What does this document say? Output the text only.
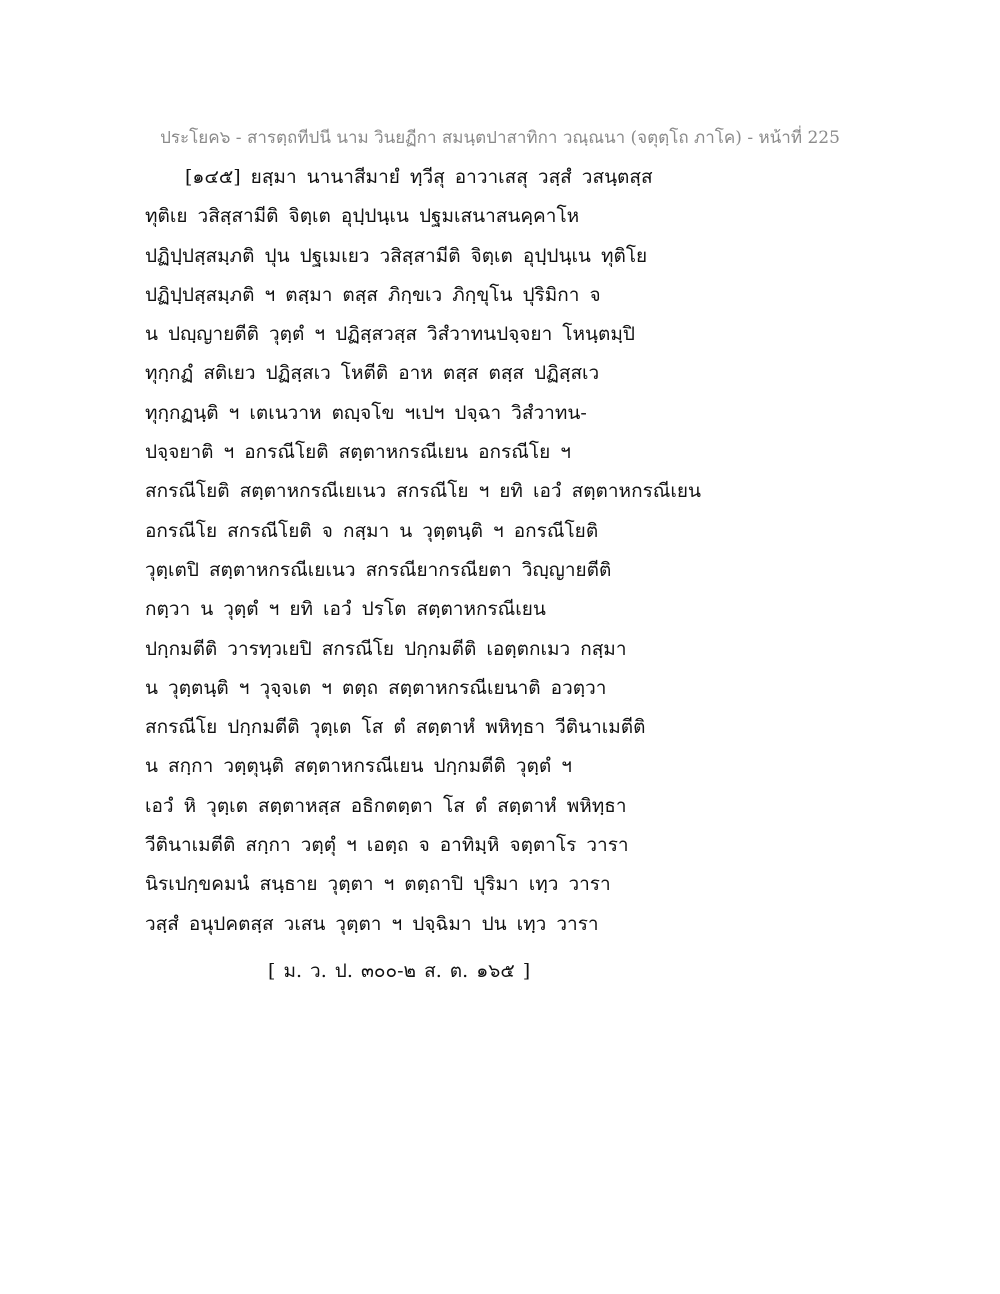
ประโยค๖ - สารตฺถทีปนี นาม วินยฏีกา สมนฺตปาสาทิกา วณฺณนา (จตุตฺโถ ภาโค) - หน้าที่ 225
[๑๔๕] ยสฺมา นานาสีมายํ ทฺวีสุ อาวาเสสุ วสฺสํ วสนฺตสฺส
ทุติเย วสิสฺสามีติ จิตฺเต อุปฺปนฺเน ปฐมเสนาสนคฺคาโห
ปฏิปฺปสฺสมฺภติ ปุน ปฐเมเยว วสิสฺสามีติ จิตฺเต อุปฺปนฺเน ทุติโย
ปฏิปฺปสฺสมฺภติ ฯ ตสฺมา ตสฺส ภิกฺขเว ภิกฺขุโน ปุริมิกา จ
น ปญฺญายตีติ วุตฺตํ ฯ ปฏิสฺสวสฺส วิสํวาทนปจฺจยา โหนฺตมฺปิ
ทุกฺกฏํ สติเยว ปฏิสฺสเว โหตีติ อาห ตสฺส ตสฺส ปฏิสฺสเว
ทุกฺกฏนฺติ ฯ เตเนวาห ตญฺจโข ฯเปฯ ปจฺฉา วิสํวาทน-
ปจฺจยาติ ฯ อกรณีโยติ สตฺตาหกรณีเยน อกรณีโย ฯ
สกรณีโยติ สตฺตาหกรณีเยเนว สกรณีโย ฯ ยทิ เอวํ สตฺตาหกรณีเยน
อกรณีโย สกรณีโยติ จ กสฺมา น วุตฺตนฺติ ฯ อกรณีโยติ
วุตฺเตปิ สตฺตาหกรณีเยเนว สกรณียากรณียตา วิญฺญายตีติ
กตฺวา น วุตฺตํ ฯ ยทิ เอวํ ปรโต สตฺตาหกรณีเยน
ปกฺกมตีติ วารทฺวเยปิ สกรณีโย ปกฺกมตีติ เอตฺตกเมว กสฺมา
น วุตฺตนฺติ ฯ วุจฺจเต ฯ ตตฺถ สตฺตาหกรณีเยนาติ อวตฺวา
สกรณีโย ปกฺกมตีติ วุตฺเต โส ตํ สตฺตาหํ พหิทฺธา วีตินาเมตีติ
น สกฺกา วตฺตุนฺติ สตฺตาหกรณีเยน ปกฺกมตีติ วุตฺตํ ฯ
เอวํ หิ วุตฺเต สตฺตาหสฺส อธิกตตฺตา โส ตํ สตฺตาหํ พหิทฺธา
วีตินาเมตีติ สกฺกา วตฺตุํ ฯ เอตฺถ จ อาทิมฺหิ จตฺตาโร วารา
นิรเปกฺขคมนํ สนฺธาย วุตฺตา ฯ ตตฺถาปิ ปุริมา เทฺว วารา
วสฺสํ อนุปคตสฺส วเสน วุตฺตา ฯ ปจฺฉิมา ปน เทฺว วารา
[ ม. ว. ป. ๓๐๐-๒ ส. ต. ๑๖๕ ]
